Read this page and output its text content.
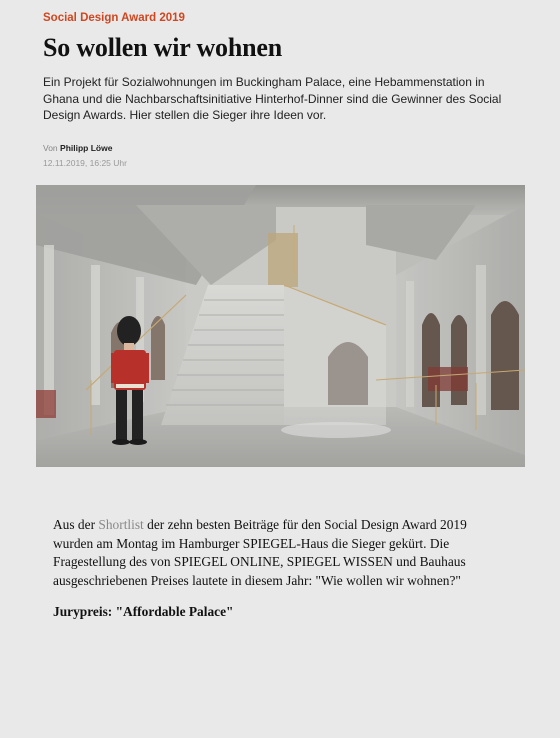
Social Design Award 2019
So wollen wir wohnen
Ein Projekt für Sozialwohnungen im Buckingham Palace, eine Hebammenstation in Ghana und die Nachbarschaftsinitiative Hinterhof-Dinner sind die Gewinner des Social Design Awards. Hier stellen die Sieger ihre Ideen vor.
Von Philipp Löwe
12.11.2019, 16:25 Uhr

Aus der Shortlist der zehn besten Beiträge für den Social Design Award 2019 wurden am Montag im Hamburger SPIEGEL-Haus die Sieger gekürt. Die Fragestellung des von SPIEGEL ONLINE, SPIEGEL WISSEN und Bauhaus ausgeschriebenen Preises lautete in diesem Jahr: "Wie wollen wir wohnen?"

Jurypreis: "Affordable Palace"
